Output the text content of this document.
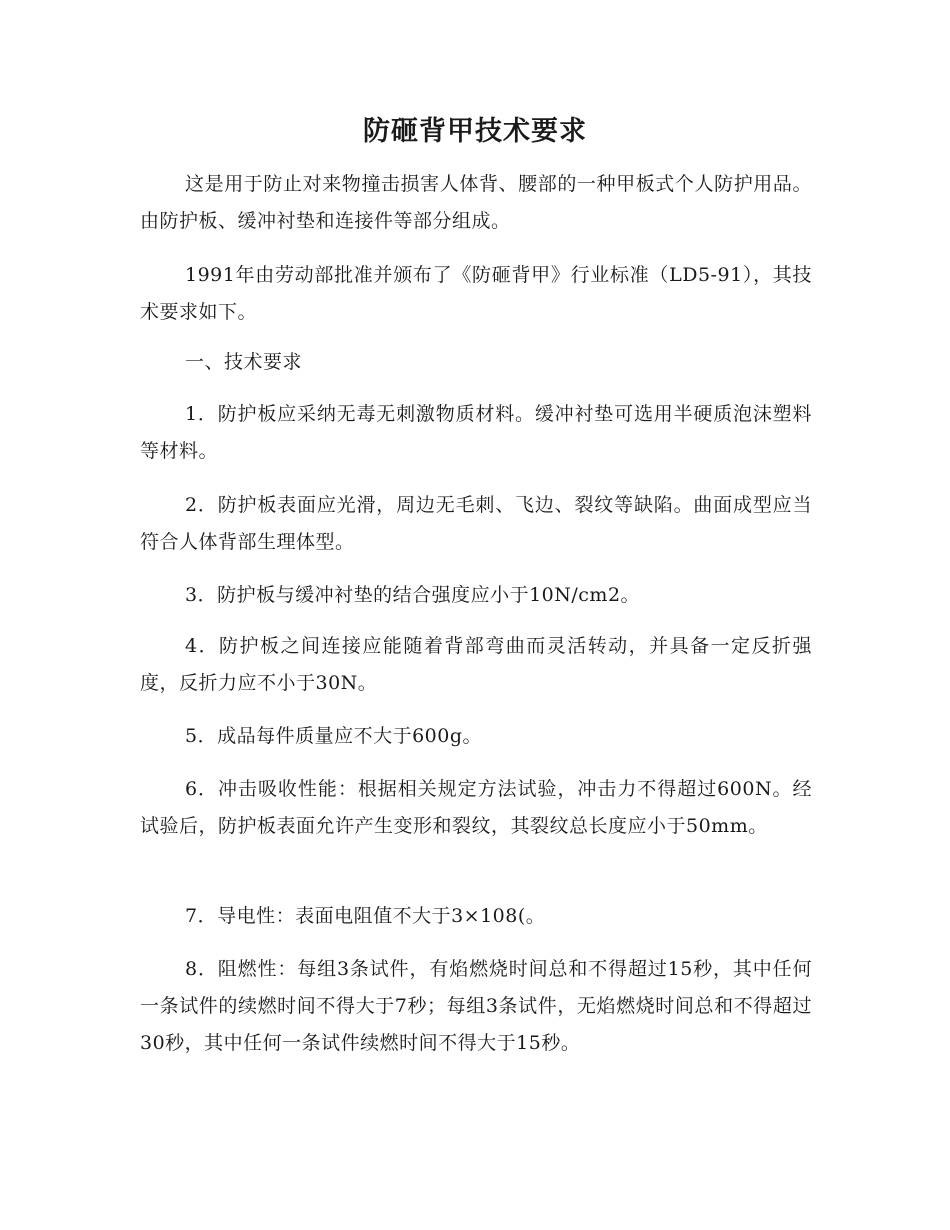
防砸背甲技术要求

这是用于防止对来物撞击损害人体背、腰部的一种甲板式个人防护用品。由防护板、缓冲衬垫和连接件等部分组成。

1991年由劳动部批准并颁布了《防砸背甲》行业标准（LD5-91），其技术要求如下。

一、技术要求

1．防护板应采纳无毒无刺激物质材料。缓冲衬垫可选用半硬质泡沫塑料等材料。

2．防护板表面应光滑，周边无毛刺、飞边、裂纹等缺陷。曲面成型应当符合人体背部生理体型。

3．防护板与缓冲衬垫的结合强度应小于10N/cm2。

4．防护板之间连接应能随着背部弯曲而灵活转动，并具备一定反折强度，反折力应不小于30N。

5．成品每件质量应不大于600g。

6．冲击吸收性能：根据相关规定方法试验，冲击力不得超过600N。经试验后，防护板表面允许产生变形和裂纹，其裂纹总长度应小于50mm。

7．导电性：表面电阻值不大于3×108(。

8．阻燃性：每组3条试件，有焰燃烧时间总和不得超过15秒，其中任何一条试件的续燃时间不得大于7秒；每组3条试件，无焰燃烧时间总和不得超过30秒，其中任何一条试件续燃时间不得大于15秒。
